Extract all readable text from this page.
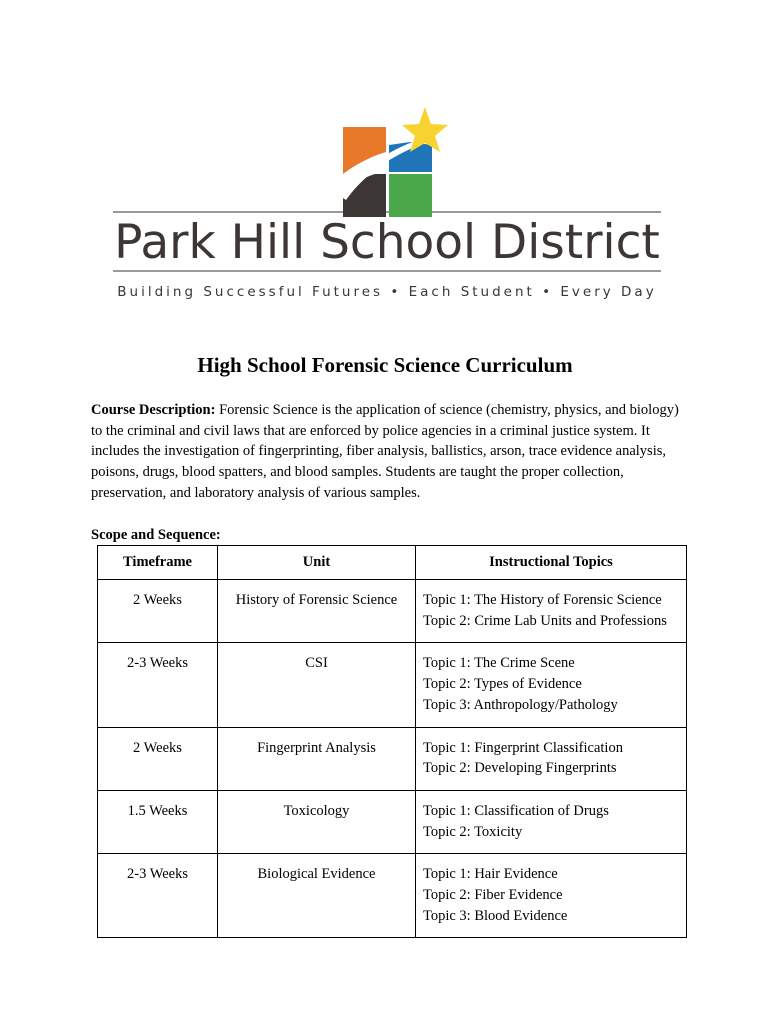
Park Hill School District
Building Successful Futures • Each Student • Every Day
High School Forensic Science Curriculum

Course Description: Forensic Science is the application of science (chemistry, physics, and biology) to the criminal and civil laws that are enforced by police agencies in a criminal justice system. It includes the investigation of fingerprinting, fiber analysis, ballistics, arson, trace evidence analysis, poisons, drugs, blood spatters, and blood samples. Students are taught the proper collection, preservation, and laboratory analysis of various samples.

Scope and Sequence:

Timeframe	Unit	Instructional Topics
2 Weeks	History of Forensic Science	Topic 1: The History of Forensic Science
Topic 2: Crime Lab Units and Professions

2-3 Weeks	CSI	Topic 1: The Crime Scene
Topic 2: Types of Evidence
Topic 3: Anthropology/Pathology

2 Weeks	Fingerprint Analysis	Topic 1: Fingerprint Classification
Topic 2: Developing Fingerprints

1.5 Weeks	Toxicology	Topic 1: Classification of Drugs
Topic 2: Toxicity

2-3 Weeks	Biological Evidence	Topic 1: Hair Evidence
Topic 2: Fiber Evidence
Topic 3: Blood Evidence
